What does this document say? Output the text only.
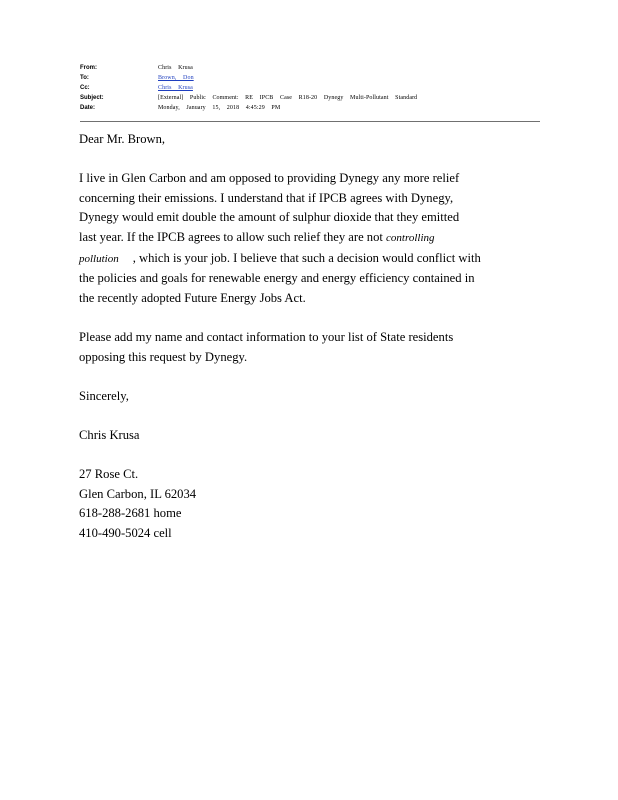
From:	Chris Krusa
To:	Brown, Don
Cc:	Chris Krusa
Subject:	[External] Public Comment: RE IPCB Case R18-20 Dynegy Multi-Pollutant Standard
Date:	Monday, January 15, 2018 4:45:29 PM

Dear Mr. Brown,

I live in Glen Carbon and am opposed to providing Dynegy any more relief

concerning their emissions. I understand that if IPCB agrees with Dynegy,

Dynegy would emit double the amount of sulphur dioxide that they emitted

last year. If the IPCB agrees to allow such relief they are not controlling

pollution , which is your job. I believe that such a decision would conflict with

the policies and goals for renewable energy and energy efficiency contained in

the recently adopted Future Energy Jobs Act.

Please add my name and contact information to your list of State residents

opposing this request by Dynegy.

Sincerely,

Chris Krusa

27 Rose Ct.

Glen Carbon, IL 62034

618-288-2681 home

410-490-5024 cell
